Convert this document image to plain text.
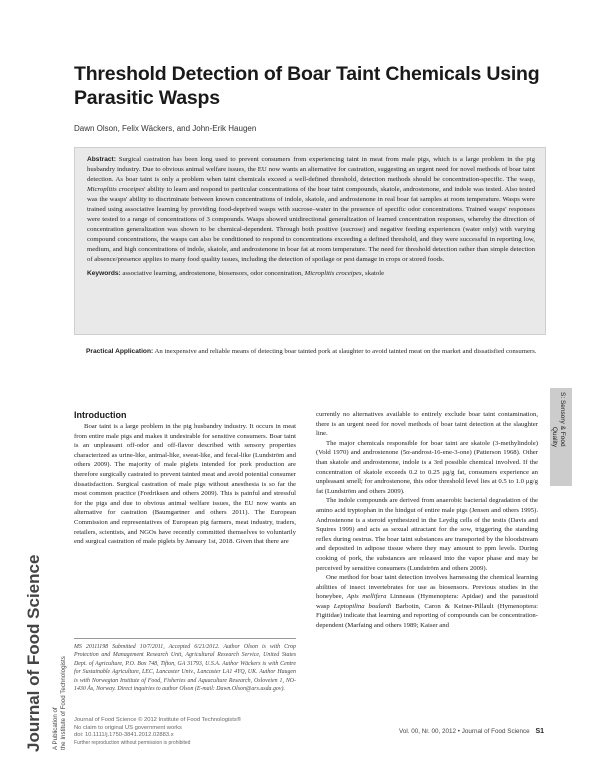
Threshold Detection of Boar Taint Chemicals Using Parasitic Wasps
Dawn Olson, Felix Wäckers, and John-Erik Haugen

Abstract: Surgical castration has been long used to prevent consumers from experiencing taint in meat from male pigs, which is a large problem in the pig husbandry industry. Due to obvious animal welfare issues, the EU now wants an alternative for castration, suggesting an urgent need for novel methods of boar taint detection. As boar taint is only a problem when taint chemicals exceed a well-defined threshold, detection methods should be concentration-specific. The wasp, Microplitis croceipes' ability to learn and respond to particular concentrations of the boar taint compounds, skatole, androstenone, and indole was tested. Also tested was the wasps' ability to discriminate between known concentrations of indole, skatole, and androstenone in real boar fat samples at room temperature. Wasps were trained using associative learning by providing food-deprived wasps with sucrose–water in the presence of specific odor concentrations. Trained wasps' responses were tested to a range of concentrations of 3 compounds. Wasps showed unidirectional generalization of learned concentration responses, whereby the direction of concentration generalization was shown to be chemical-dependent. Through both positive (sucrose) and negative feeding experiences (water only) with varying compound concentrations, the wasps can also be conditioned to respond to concentrations exceeding a defined threshold, and they were successful in reporting low, medium, and high concentrations of indole, skatole, and androstenone in boar fat at room temperature. The need for threshold detection rather than simple detection of absence/presence applies to many food quality issues, including the detection of spoilage or pest damage in crops or stored foods.

Keywords: associative learning, androstenone, biosensors, odor concentration, Microplitis croceipes, skatole

Practical Application: An inexpensive and reliable means of detecting boar tainted pork at slaughter to avoid tainted meat on the market and dissatisfied consumers.
Journal of Food Science A Publication of the Institute of Food Technologists
S: Sensory & Food
Quality
Introduction

Boar taint is a large problem in the pig husbandry industry. It occurs in meat from entire male pigs and makes it undesirable for sensitive consumers. Boar taint is an unpleasant off-odor and off-flavor described with sensory properties characterized as urine-like, animal-like, sweat-like, and fecal-like (Lundström and others 2009). The majority of male piglets intended for pork production are therefore surgically castrated to prevent tainted meat and avoid potential consumer dissatisfaction. Surgical castration of male pigs without anesthesia is so far the most common practice (Fredriksen and others 2009). This is painful and stressful for the pigs and due to obvious animal welfare issues, the EU now wants an alternative for castration (Baumgartner and others 2011). The European Commission and representatives of European pig farmers, meat industry, traders, retailers, scientists, and NGOs have recently committed themselves to voluntarily end surgical castration of male piglets by January 1st, 2018. Given that there are

MS 20111198 Submitted 10/7/2011, Accepted 6/21/2012. Author Olson is with Crop Protection and Management Research Unit, Agricultural Research Service, United States Dept. of Agriculture, P.O. Box 748, Tifton, GA 31793, U.S.A. Author Wäckers is with Centre for Sustainable Agriculture, LEC, Lancaster Univ., Lancaster LA1 4YQ, UK. Author Haugen is with Norwegian Institute of Food, Fisheries and Aquaculture Research, Osloveien 1, NO-1430 Ås, Norway. Direct inquiries to author Olson (E-mail: Dawn.Olson@ars.usda.gov).

currently no alternatives available to entirely exclude boar taint contamination, there is an urgent need for novel methods of boar taint detection at the slaughter line.

The major chemicals responsible for boar taint are skatole (3-methylindole) (Vold 1970) and androstenone (5α-androst-16-ene-3-one) (Patterson 1968). Other than skatole and androstenone, indole is a 3rd possible chemical involved. If the concentration of skatole exceeds 0.2 to 0.25 μg/g fat, consumers experience an unpleasant smell; for androstenone, this odor threshold level lies at 0.5 to 1.0 μg/g fat (Lundström and others 2009).

The indole compounds are derived from anaerobic bacterial degradation of the amino acid tryptophan in the hindgut of entire male pigs (Jensen and others 1995). Androstenone is a steroid synthesized in the Leydig cells of the testis (Davis and Squires 1999) and acts as sexual attractant for the sow, triggering the standing reflex during oestrus. The boar taint substances are transported by the bloodstream and deposited in adipose tissue where they may amount to ppm levels. During cooking of pork, the substances are released into the vapor phase and may be perceived by sensitive consumers (Lundström and others 2009).

One method for boar taint detection involves harnessing the chemical learning abilities of insect invertebrates for use as biosensors. Previous studies in the honeybee, Apis mellifera Linneaus (Hymenoptera: Apidae) and the parasitoid wasp Leptopilina boulardi Barbotin, Caron & Keiner-Pillault (Hymenoptera: Figitidae) indicate that learning and reporting of compounds can be concentration-dependent (Marfaing and others 1989; Kaiser and

Journal of Food Science © 2012 Institute of Food Technologists®
No claim to original US government works
doi: 10.1111/j.1750-3841.2012.02883.x
Further reproduction without permission is prohibited
Vol. 00, Nr. 00, 2012 • Journal of Food Science S1
